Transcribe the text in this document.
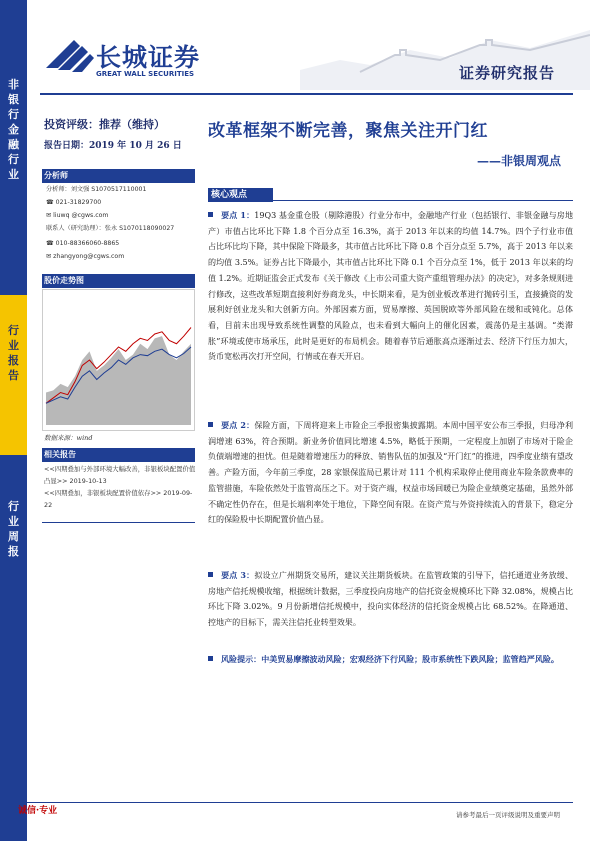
非
银
行
金
融
行
业
行
业
报
告
行
业
周
报
长城证券
GREAT WALL SECURITIES	证券研究报告
投资评级：推荐（维持）
报告日期：2019 年 10 月 26 日
分析师
分析师：刘文强 S1070517110001
☎ 021-31829700
✉ liuwq @cgws.com
联系人（研究助理）：张永 S1070118090027
☎ 010-88366060-8865
✉ zhangyong@cgws.com
股价走势图
数据来源：wind
相关报告
<<四期叠加与外部环境大幅改善，非银板块配置价值凸显>> 2019-10-13
<<四期叠加，非银板块配置价值依存>> 2019-09-22
改革框架不断完善，聚焦关注开门红
——非银周观点
核心观点
要点 1：19Q3 基金重仓股（剔除港股）行业分布中，金融地产行业（包括银行、非银金融与房地产）市值占比环比下降 1.8 个百分点至 16.3%，高于 2013 年以来的均值 14.7%。四个子行业市值占比环比均下降，其中保险下降最多，其市值占比环比下降 0.8 个百分点至 5.7%，高于 2013 年以来的均值 3.5%。证券占比下降最小，其市值占比环比下降 0.1 个百分点至 1%，低于 2013 年以来的均值 1.2%。近期证监会正式发布《关于修改《上市公司重大资产重组管理办法》的决定》，对多条规则进行修改，这些改革短期直接利好券商龙头，中长期来看，是为创业板改革进行抛砖引玉，直接撬资的发展利好创业龙头和大创新方向。外部因素方面，贸易摩擦、英国脱欧等外部风险在缓和或钝化。总体看，目前未出现导致系统性调整的风险点，也未看到大幅向上的催化因素，震荡仍是主基调。“类滞胀”环境或使市场承压，此时是更好的布局机会。随着春节后通胀高点逐渐过去、经济下行压力加大，货币宽松再次打开空间，行情或在春天开启。
要点 2：保险方面，下周将迎来上市险企三季报密集披露期。本周中国平安公布三季报，归母净利润增速 63%，符合预期。新业务价值同比增速 4.5%，略低于预期，一定程度上加剧了市场对于险企负债端增速的担忧。但是随着增速压力的释放、销售队伍的加强及“开门红”的推进，四季度业绩有望改善。产险方面，今年前三季度，28 家银保监局已累计对 111 个机构采取停止使用商业车险条款费率的监管措施，车险依然处于监管高压之下。对于资产端，权益市场回暖已为险企业绩奠定基础，虽然外部不确定性仍存在，但是长端利率处于地位，下降空间有限。在资产荒与外资持续流入的背景下，稳定分红的保险股中长期配置价值凸显。
要点 3：拟设立广州期货交易所，建议关注期货板块。在监管政策的引导下，信托通道业务放缓、房地产信托规模收缩，根据统计数据，三季度投向房地产的信托资金规模环比下降 32.08%，规模占比环比下降 3.02%。9 月份新增信托规模中，投向实体经济的信托资金规模占比 68.52%。在降通道、控地产的目标下，需关注信托业转型效果。
风险提示：中美贸易摩擦波动风险；宏观经济下行风险；股市系统性下跌风险；监管趋严风险。
诚信·专业	请参考最后一页评级说明及重要声明
